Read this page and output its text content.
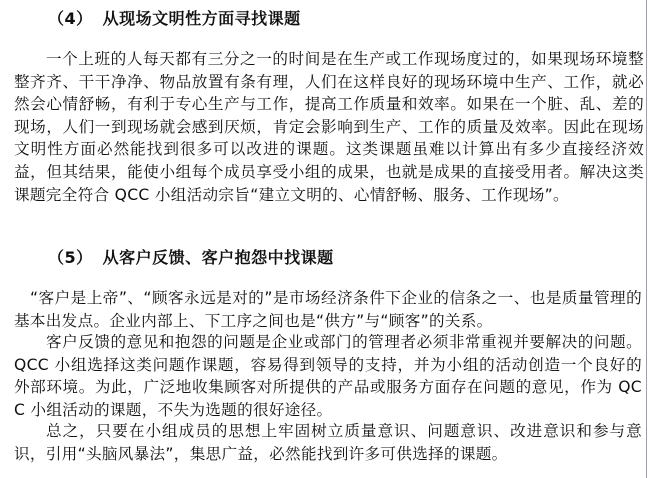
（4） 从现场文明性方面寻找课题
一个上班的人每天都有三分之一的时间是在生产或工作现场度过的，如果现场环境整整齐齐、干干净净、物品放置有条有理，人们在这样良好的现场环境中生产、工作，就必然会心情舒畅，有利于专心生产与工作，提高工作质量和效率。如果在一个脏、乱、差的现场，人们一到现场就会感到厌烦，肯定会影响到生产、工作的质量及效率。因此在现场文明性方面必然能找到很多可以改进的课题。这类课题虽难以计算出有多少直接经济效益，但其结果，能使小组每个成员享受小组的成果，也就是成果的直接受用者。解决这类课题完全符合 QCC 小组活动宗旨“建立文明的、心情舒畅、服务、工作现场”。
（5） 从客户反馈、客户抱怨中找课题
“客户是上帝”、“顾客永远是对的”是市场经济条件下企业的信条之一、也是质量管理的基本出发点。企业内部上、下工序之间也是“供方”与“顾客”的关系。
客户反馈的意见和抱怨的问题是企业或部门的管理者必须非常重视并要解决的问题。QCC 小组选择这类问题作课题，容易得到领导的支持，并为小组的活动创造一个良好的外部环境。为此，广泛地收集顾客对所提供的产品或服务方面存在问题的意见，作为 QCC 小组活动的课题，不失为选题的很好途径。
总之，只要在小组成员的思想上牢固树立质量意识、问题意识、改进意识和参与意识，引用“头脑风暴法”，集思广益，必然能找到许多可供选择的课题。
